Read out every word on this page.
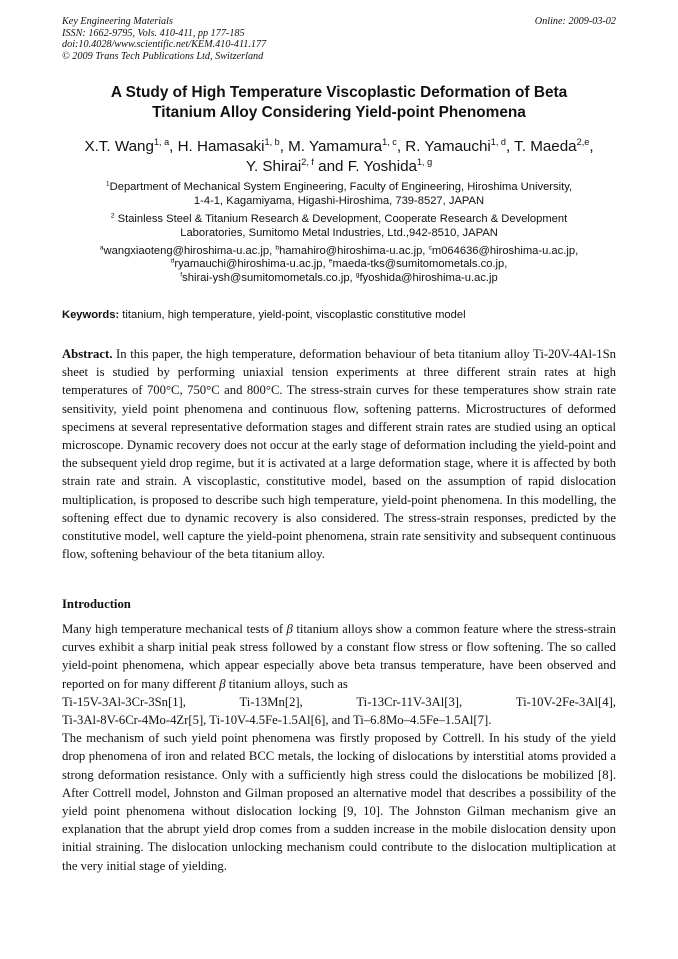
Key Engineering Materials
ISSN: 1662-9795, Vols. 410-411, pp 177-185
doi:10.4028/www.scientific.net/KEM.410-411.177
© 2009 Trans Tech Publications Ltd, Switzerland
Online: 2009-03-02
A Study of High Temperature Viscoplastic Deformation of Beta
Titanium Alloy Considering Yield-point Phenomena
X.T. Wang$^{1, a}$, H. Hamasaki$^{1, b}$, M. Yamamura$^{1, c}$, R. Yamauchi$^{1, d}$, T. Maeda$^{2,e}$,
Y. Shirai$^{2, f}$ and F. Yoshida$^{1, g}$
$^1$Department of Mechanical System Engineering, Faculty of Engineering, Hiroshima University,
1-4-1, Kagamiyama, Higashi-Hiroshima, 739-8527, JAPAN
$^2$ Stainless Steel & Titanium Research & Development, Cooperate Research & Development
Laboratories, Sumitomo Metal Industries, Ltd.,942-8510, JAPAN
$^a$wangxiaoteng@hiroshima-u.ac.jp, $^b$hamahiro@hiroshima-u.ac.jp, $^c$m064636@hiroshima-u.ac.jp,
$^d$ryamauchi@hiroshima-u.ac.jp, $^e$maeda-tks@sumitomometals.co.jp,
$^f$shirai-ysh@sumitomometals.co.jp, $^g$fyoshida@hiroshima-u.ac.jp
Keywords: titanium, high temperature, yield-point, viscoplastic constitutive model
Abstract. In this paper, the high temperature, deformation behaviour of beta titanium alloy Ti-20V-4Al-1Sn sheet is studied by performing uniaxial tension experiments at three different strain rates at high temperatures of 700°C, 750°C and 800°C. The stress-strain curves for these temperatures show strain rate sensitivity, yield point phenomena and continuous flow, softening patterns. Microstructures of deformed specimens at several representative deformation stages and different strain rates are studied using an optical microscope. Dynamic recovery does not occur at the early stage of deformation including the yield-point and the subsequent yield drop regime, but it is activated at a large deformation stage, where it is affected by both strain rate and strain. A viscoplastic, constitutive model, based on the assumption of rapid dislocation multiplication, is proposed to describe such high temperature, yield-point phenomena. In this modelling, the softening effect due to dynamic recovery is also considered. The stress-strain responses, predicted by the constitutive model, well capture the yield-point phenomena, strain rate sensitivity and subsequent continuous flow, softening behaviour of the beta titanium alloy.
Introduction
Many high temperature mechanical tests of β titanium alloys show a common feature where the stress-strain curves exhibit a sharp initial peak stress followed by a constant flow stress or flow softening. The so called yield-point phenomena, which appear especially above beta transus temperature, have been observed and reported on for many different β titanium alloys, such as
Ti-15V-3Al-3Cr-3Sn[1],	Ti-13Mn[2],	Ti-13Cr-11V-3Al[3],	Ti-10V-2Fe-3Al[4],
Ti-3Al-8V-6Cr-4Mo-4Zr[5], Ti-10V-4.5Fe-1.5Al[6], and Ti–6.8Mo–4.5Fe–1.5Al[7].
The mechanism of such yield point phenomena was firstly proposed by Cottrell. In his study of the yield drop phenomena of iron and related BCC metals, the locking of dislocations by interstitial atoms provided a strong deformation resistance. Only with a sufficiently high stress could the dislocations be mobilized [8]. After Cottrell model, Johnston and Gilman proposed an alternative model that describes a possibility of the yield point phenomena without dislocation locking [9, 10]. The Johnston Gilman mechanism give an explanation that the abrupt yield drop comes from a sudden increase in the mobile dislocation density upon initial straining. The dislocation unlocking mechanism could contribute to the dislocation multiplication at the very initial stage of yielding.
